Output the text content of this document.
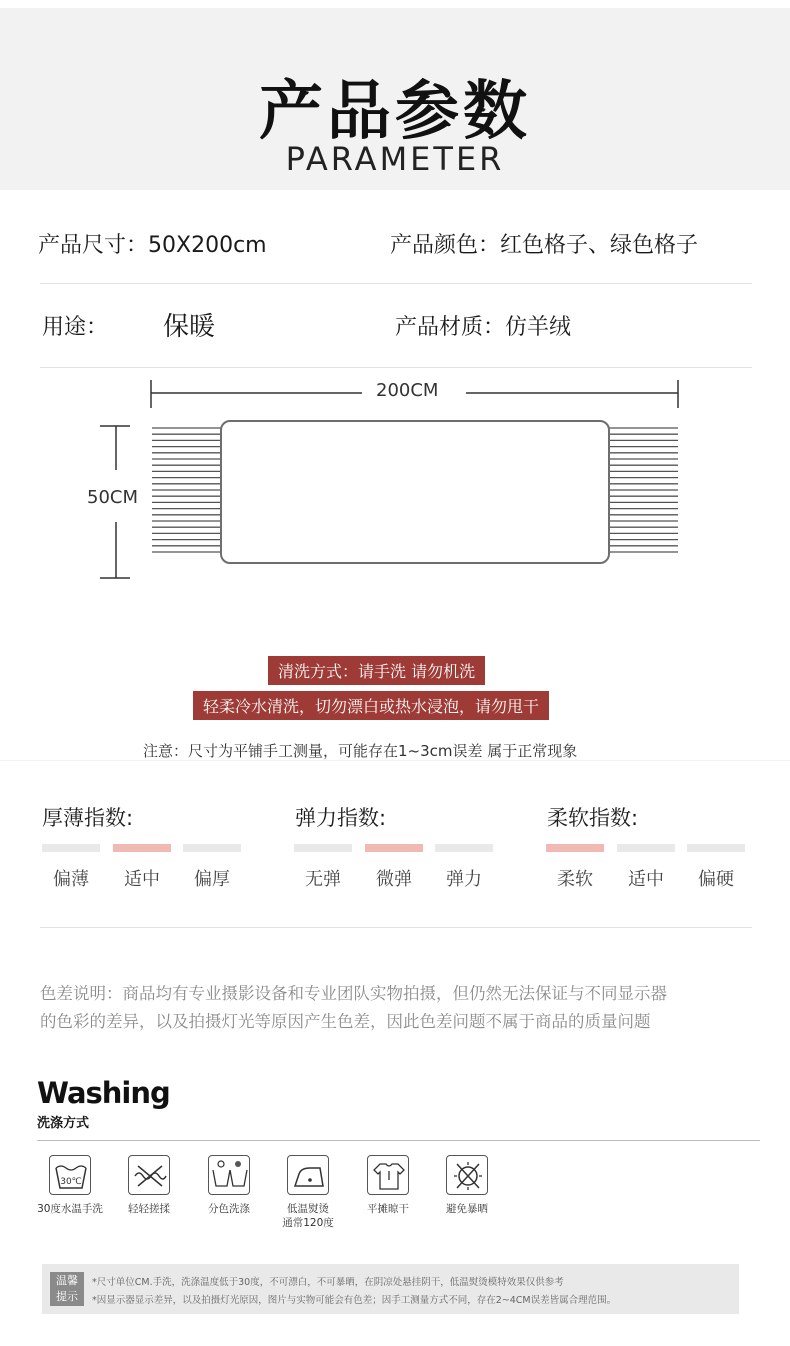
产品参数
PARAMETER
产品尺寸：50X200cm	产品颜色：红色格子、绿色格子
用途： 保暖	产品材质：仿羊绒
200CM
50CM
清洗方式：请手洗 请勿机洗
轻柔冷水清洗，切勿漂白或热水浸泡，请勿甩干
注意：尺寸为平铺手工测量，可能存在1~3cm误差 属于正常现象
厚薄指数:
偏薄	适中	偏厚
弹力指数:
无弹	微弹	弹力
柔软指数:
柔软	适中	偏硬
色差说明：商品均有专业摄影设备和专业团队实物拍摄，但仍然无法保证与不同显示器
的色彩的差异，以及拍摄灯光等原因产生色差，因此色差问题不属于商品的质量问题
Washing
洗涤方式
30℃
30度水温手洗	轻轻搓揉	分色洗涤	低温熨烫
通常120度
平摊晾干	避免暴晒
温馨
提示
*尺寸单位CM.手洗，洗涤温度低于30度，不可漂白，不可暴晒，在阴凉处悬挂阴干，低温熨烫模特效果仅供参考
*因显示器显示差异，以及拍摄灯光原因，图片与实物可能会有色差；因手工测量方式不同，存在2~4CM误差皆属合理范围。
